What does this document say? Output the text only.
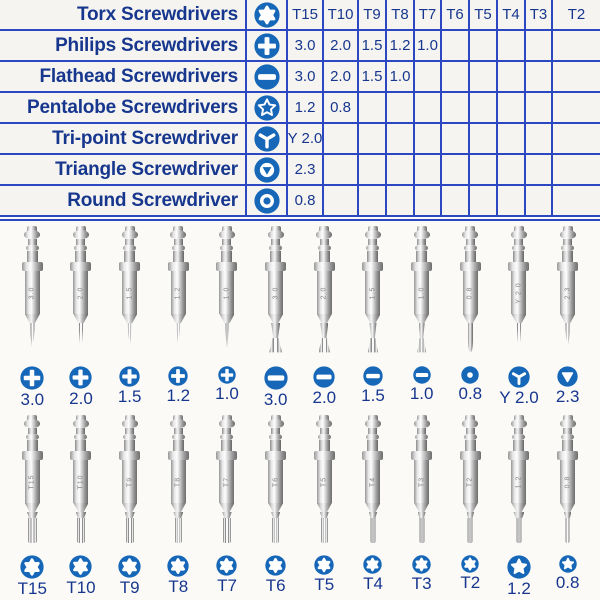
Torx Screwdrivers	T15 T10 T9 T8 T7 T6 T5 T4 T3	T2
Philips Screwdrivers	3.0 2.0 1.5 1.2 1.0
Flathead Screwdrivers	3.0 2.0 1.5 1.0
Pentalobe Screwdrivers	1.2 0.8
Tri-point Screwdriver	Y 2.0
Triangle Screwdriver	2.3
Round Screwdriver	0.8
3.0
3.0
2.0
2.0
1.5
1.5
1.2
1.2
1.0
1.0
3.0
3.0
2.0
2.0
1.5
1.5
1.0
1.0
0.8
0.8
Y 2.0
Y 2.0
2.3
2.3
T15
T15
T10
T10
T9
T9
T8
T8
T7
T7
T6
T6
T5
T5
T4
T4
T3
T3
T2
T2
1.2
1.2
0.8
0.8
